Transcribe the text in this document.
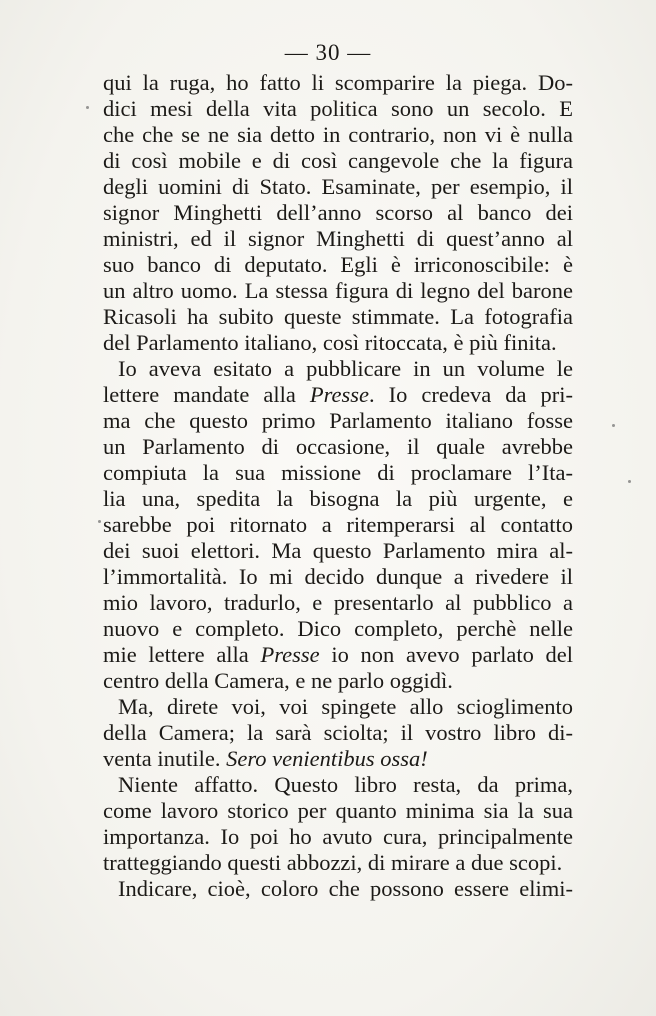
— 30 —
qui la ruga, ho fatto li scomparire la piega. Do-
dici mesi della vita politica sono un secolo. E
che che se ne sia detto in contrario, non vi è nulla
di così mobile e di così cangevole che la figura
degli uomini di Stato. Esaminate, per esempio, il
signor Minghetti dell’anno scorso al banco dei
ministri, ed il signor Minghetti di quest’anno al
suo banco di deputato. Egli è irriconoscibile: è
un altro uomo. La stessa figura di legno del barone
Ricasoli ha subito queste stimmate. La fotografia
del Parlamento italiano, così ritoccata, è più finita.
Io aveva esitato a pubblicare in un volume le
lettere mandate alla Presse. Io credeva da pri-
ma che questo primo Parlamento italiano fosse
un Parlamento di occasione, il quale avrebbe
compiuta la sua missione di proclamare l’Ita-
lia una, spedita la bisogna la più urgente, e
sarebbe poi ritornato a ritemperarsi al contatto
dei suoi elettori. Ma questo Parlamento mira al-
l’immortalità. Io mi decido dunque a rivedere il
mio lavoro, tradurlo, e presentarlo al pubblico a
nuovo e completo. Dico completo, perchè nelle
mie lettere alla Presse io non avevo parlato del
centro della Camera, e ne parlo oggidì.
Ma, direte voi, voi spingete allo scioglimento
della Camera; la sarà sciolta; il vostro libro di-
venta inutile. Sero venientibus ossa!
Niente affatto. Questo libro resta, da prima,
come lavoro storico per quanto minima sia la sua
importanza. Io poi ho avuto cura, principalmente
tratteggiando questi abbozzi, di mirare a due scopi.
Indicare, cioè, coloro che possono essere elimi-
